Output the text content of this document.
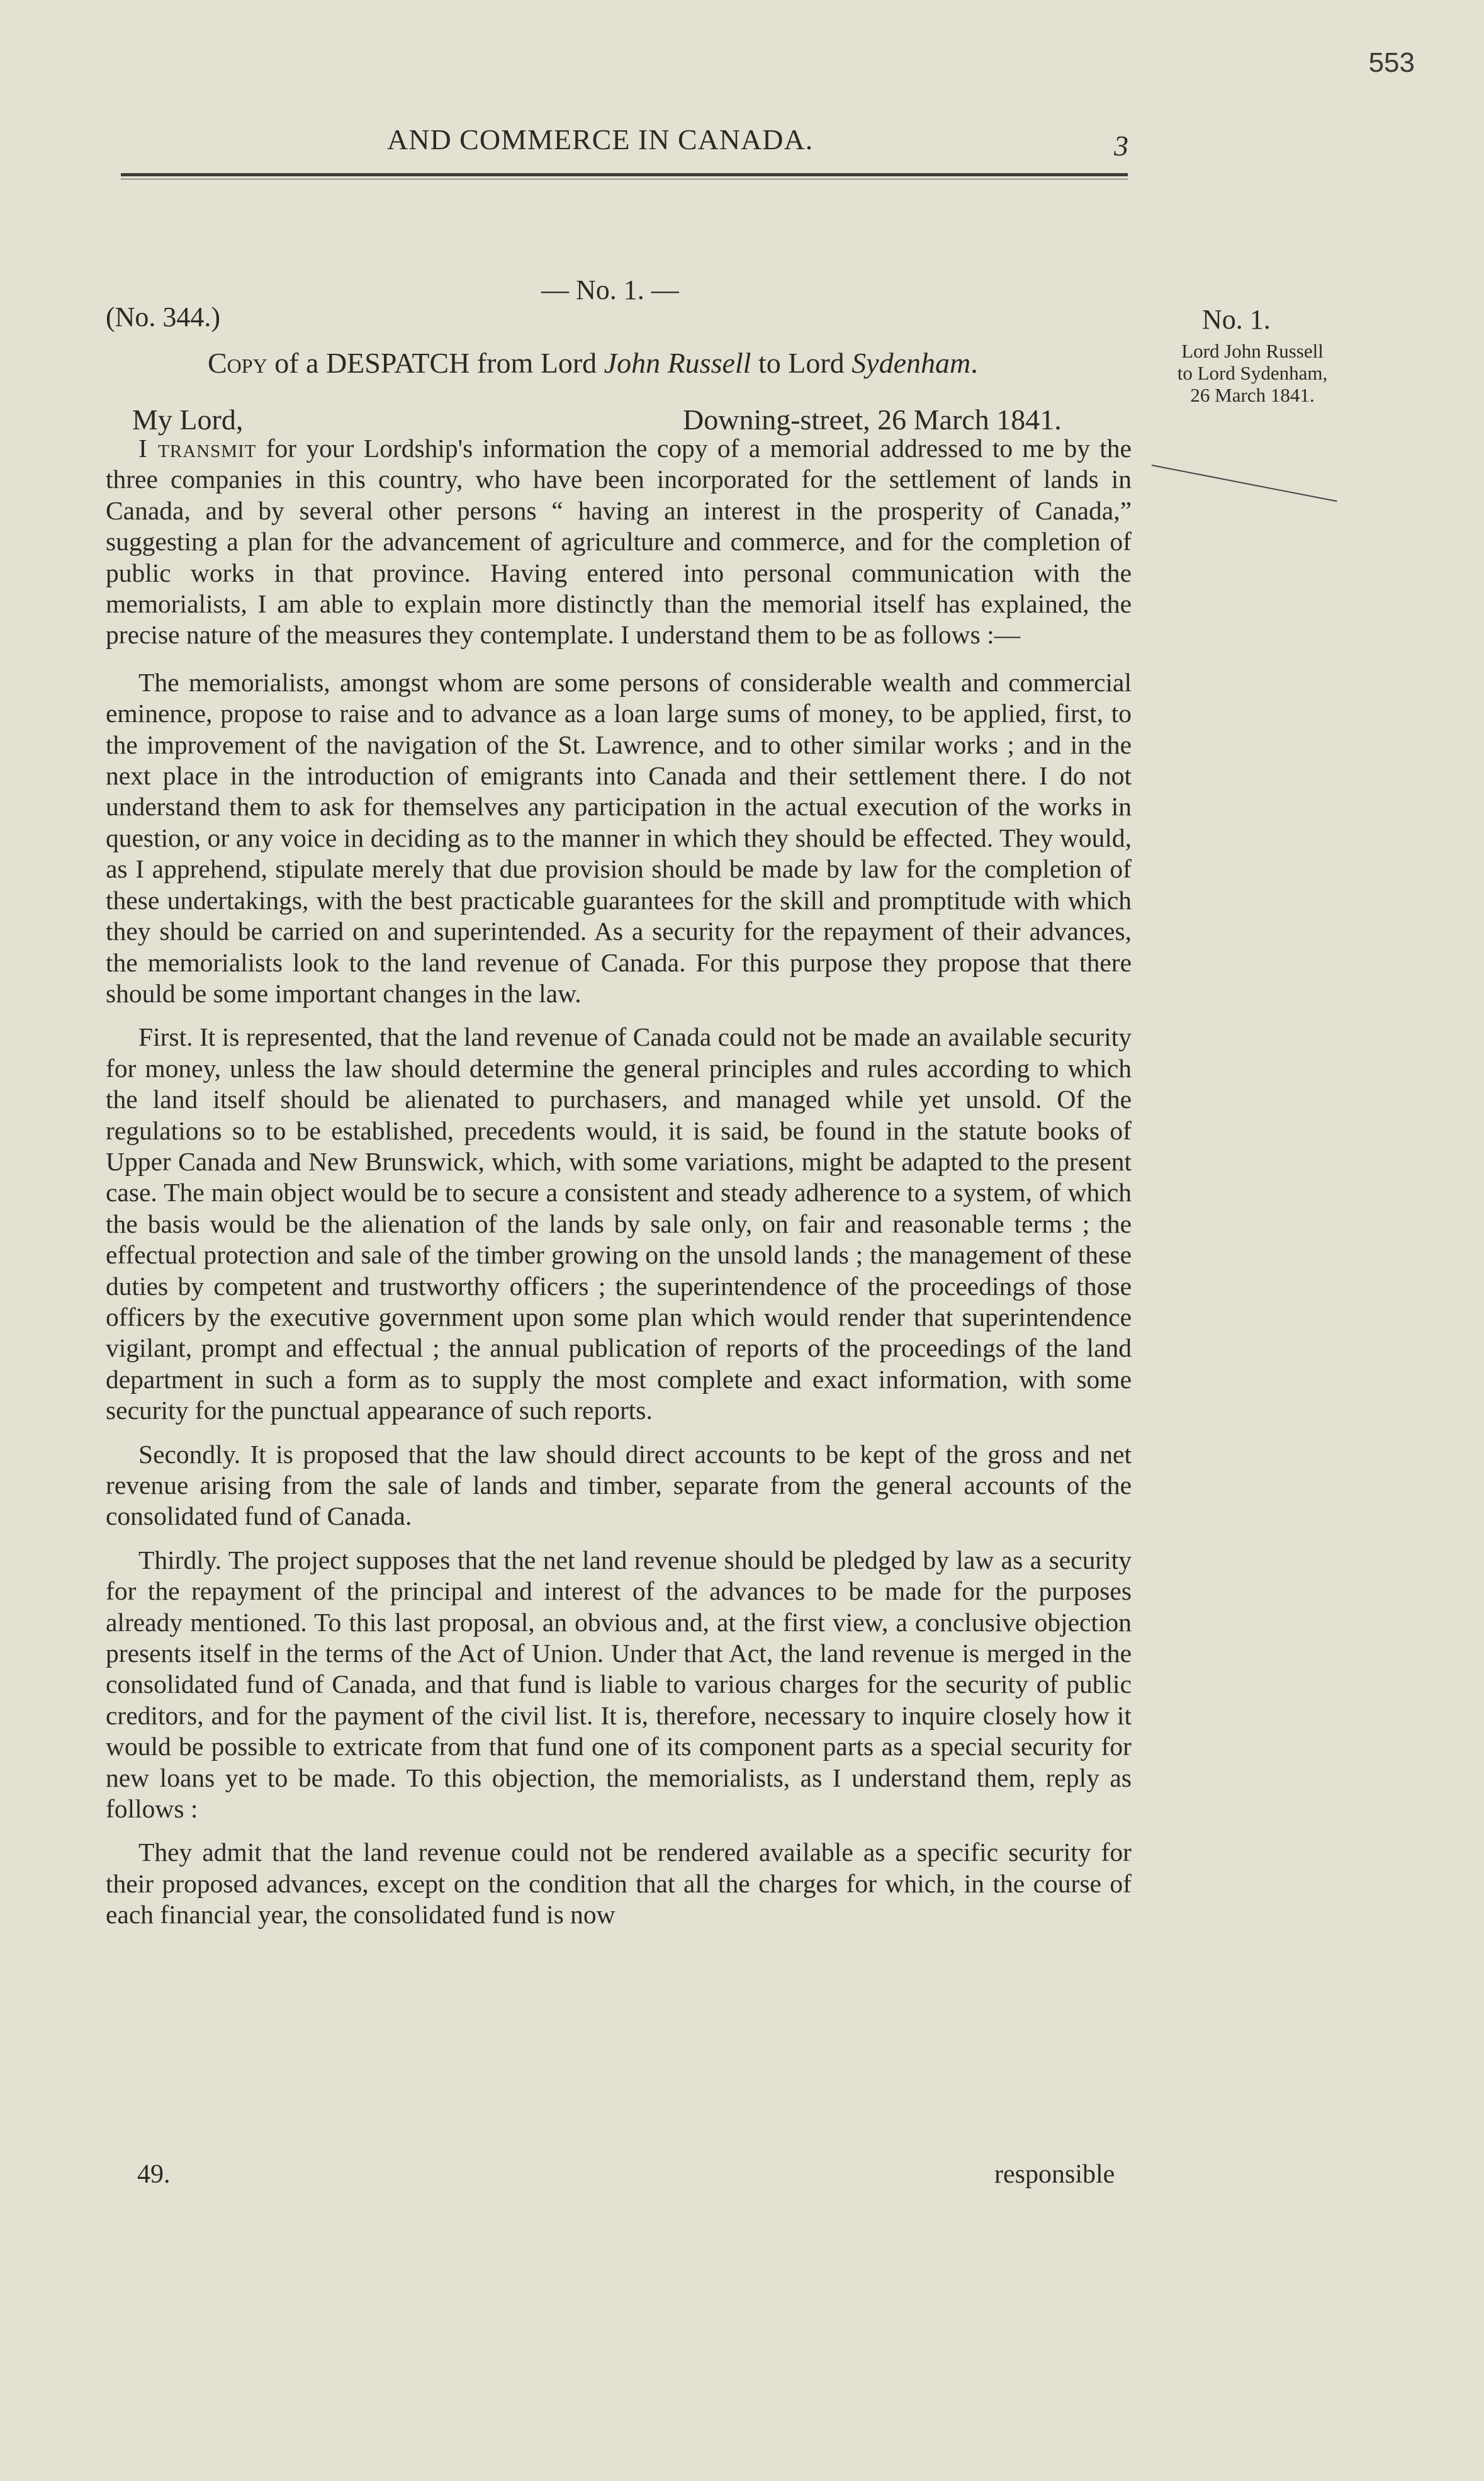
553
AND COMMERCE IN CANADA.	3
— No. 1. —
(No. 344.)
Copy of a DESPATCH from Lord John Russell to Lord Sydenham.
My Lord,	Downing-street, 26 March 1841.
No. 1.
Lord John Russell
to Lord Sydenham,
26 March 1841.

I transmit for your Lordship's information the copy of a memorial addressed to me by the three companies in this country, who have been incorporated for the settlement of lands in Canada, and by several other persons “ having an interest in the prosperity of Canada,” suggesting a plan for the advancement of agriculture and commerce, and for the completion of public works in that province. Having entered into personal communication with the memorialists, I am able to explain more distinctly than the memorial itself has explained, the precise nature of the measures they contemplate. I understand them to be as follows :—

The memorialists, amongst whom are some persons of considerable wealth and commercial eminence, propose to raise and to advance as a loan large sums of money, to be applied, first, to the improvement of the navigation of the St. Lawrence, and to other similar works ; and in the next place in the introduction of emigrants into Canada and their settlement there. I do not understand them to ask for themselves any participation in the actual execution of the works in question, or any voice in deciding as to the manner in which they should be effected. They would, as I apprehend, stipulate merely that due provision should be made by law for the completion of these undertakings, with the best practicable guarantees for the skill and promptitude with which they should be carried on and superintended. As a security for the repayment of their advances, the memorialists look to the land revenue of Canada. For this purpose they propose that there should be some important changes in the law.

First. It is represented, that the land revenue of Canada could not be made an available security for money, unless the law should determine the general principles and rules according to which the land itself should be alienated to purchasers, and managed while yet unsold. Of the regulations so to be established, precedents would, it is said, be found in the statute books of Upper Canada and New Brunswick, which, with some variations, might be adapted to the present case. The main object would be to secure a consistent and steady adherence to a system, of which the basis would be the alienation of the lands by sale only, on fair and reasonable terms ; the effectual protection and sale of the timber growing on the unsold lands ; the management of these duties by competent and trustworthy officers ; the superintendence of the proceedings of those officers by the executive government upon some plan which would render that superintendence vigilant, prompt and effectual ; the annual publication of reports of the proceedings of the land department in such a form as to supply the most complete and exact information, with some security for the punctual appearance of such reports.

Secondly. It is proposed that the law should direct accounts to be kept of the gross and net revenue arising from the sale of lands and timber, separate from the general accounts of the consolidated fund of Canada.

Thirdly. The project supposes that the net land revenue should be pledged by law as a security for the repayment of the principal and interest of the advances to be made for the purposes already mentioned. To this last proposal, an obvious and, at the first view, a conclusive objection presents itself in the terms of the Act of Union. Under that Act, the land revenue is merged in the consolidated fund of Canada, and that fund is liable to various charges for the security of public creditors, and for the payment of the civil list. It is, therefore, necessary to inquire closely how it would be possible to extricate from that fund one of its component parts as a special security for new loans yet to be made. To this objection, the memorialists, as I understand them, reply as follows :

They admit that the land revenue could not be rendered available as a specific security for their proposed advances, except on the condition that all the charges for which, in the course of each financial year, the consolidated fund is now

49.	responsible
